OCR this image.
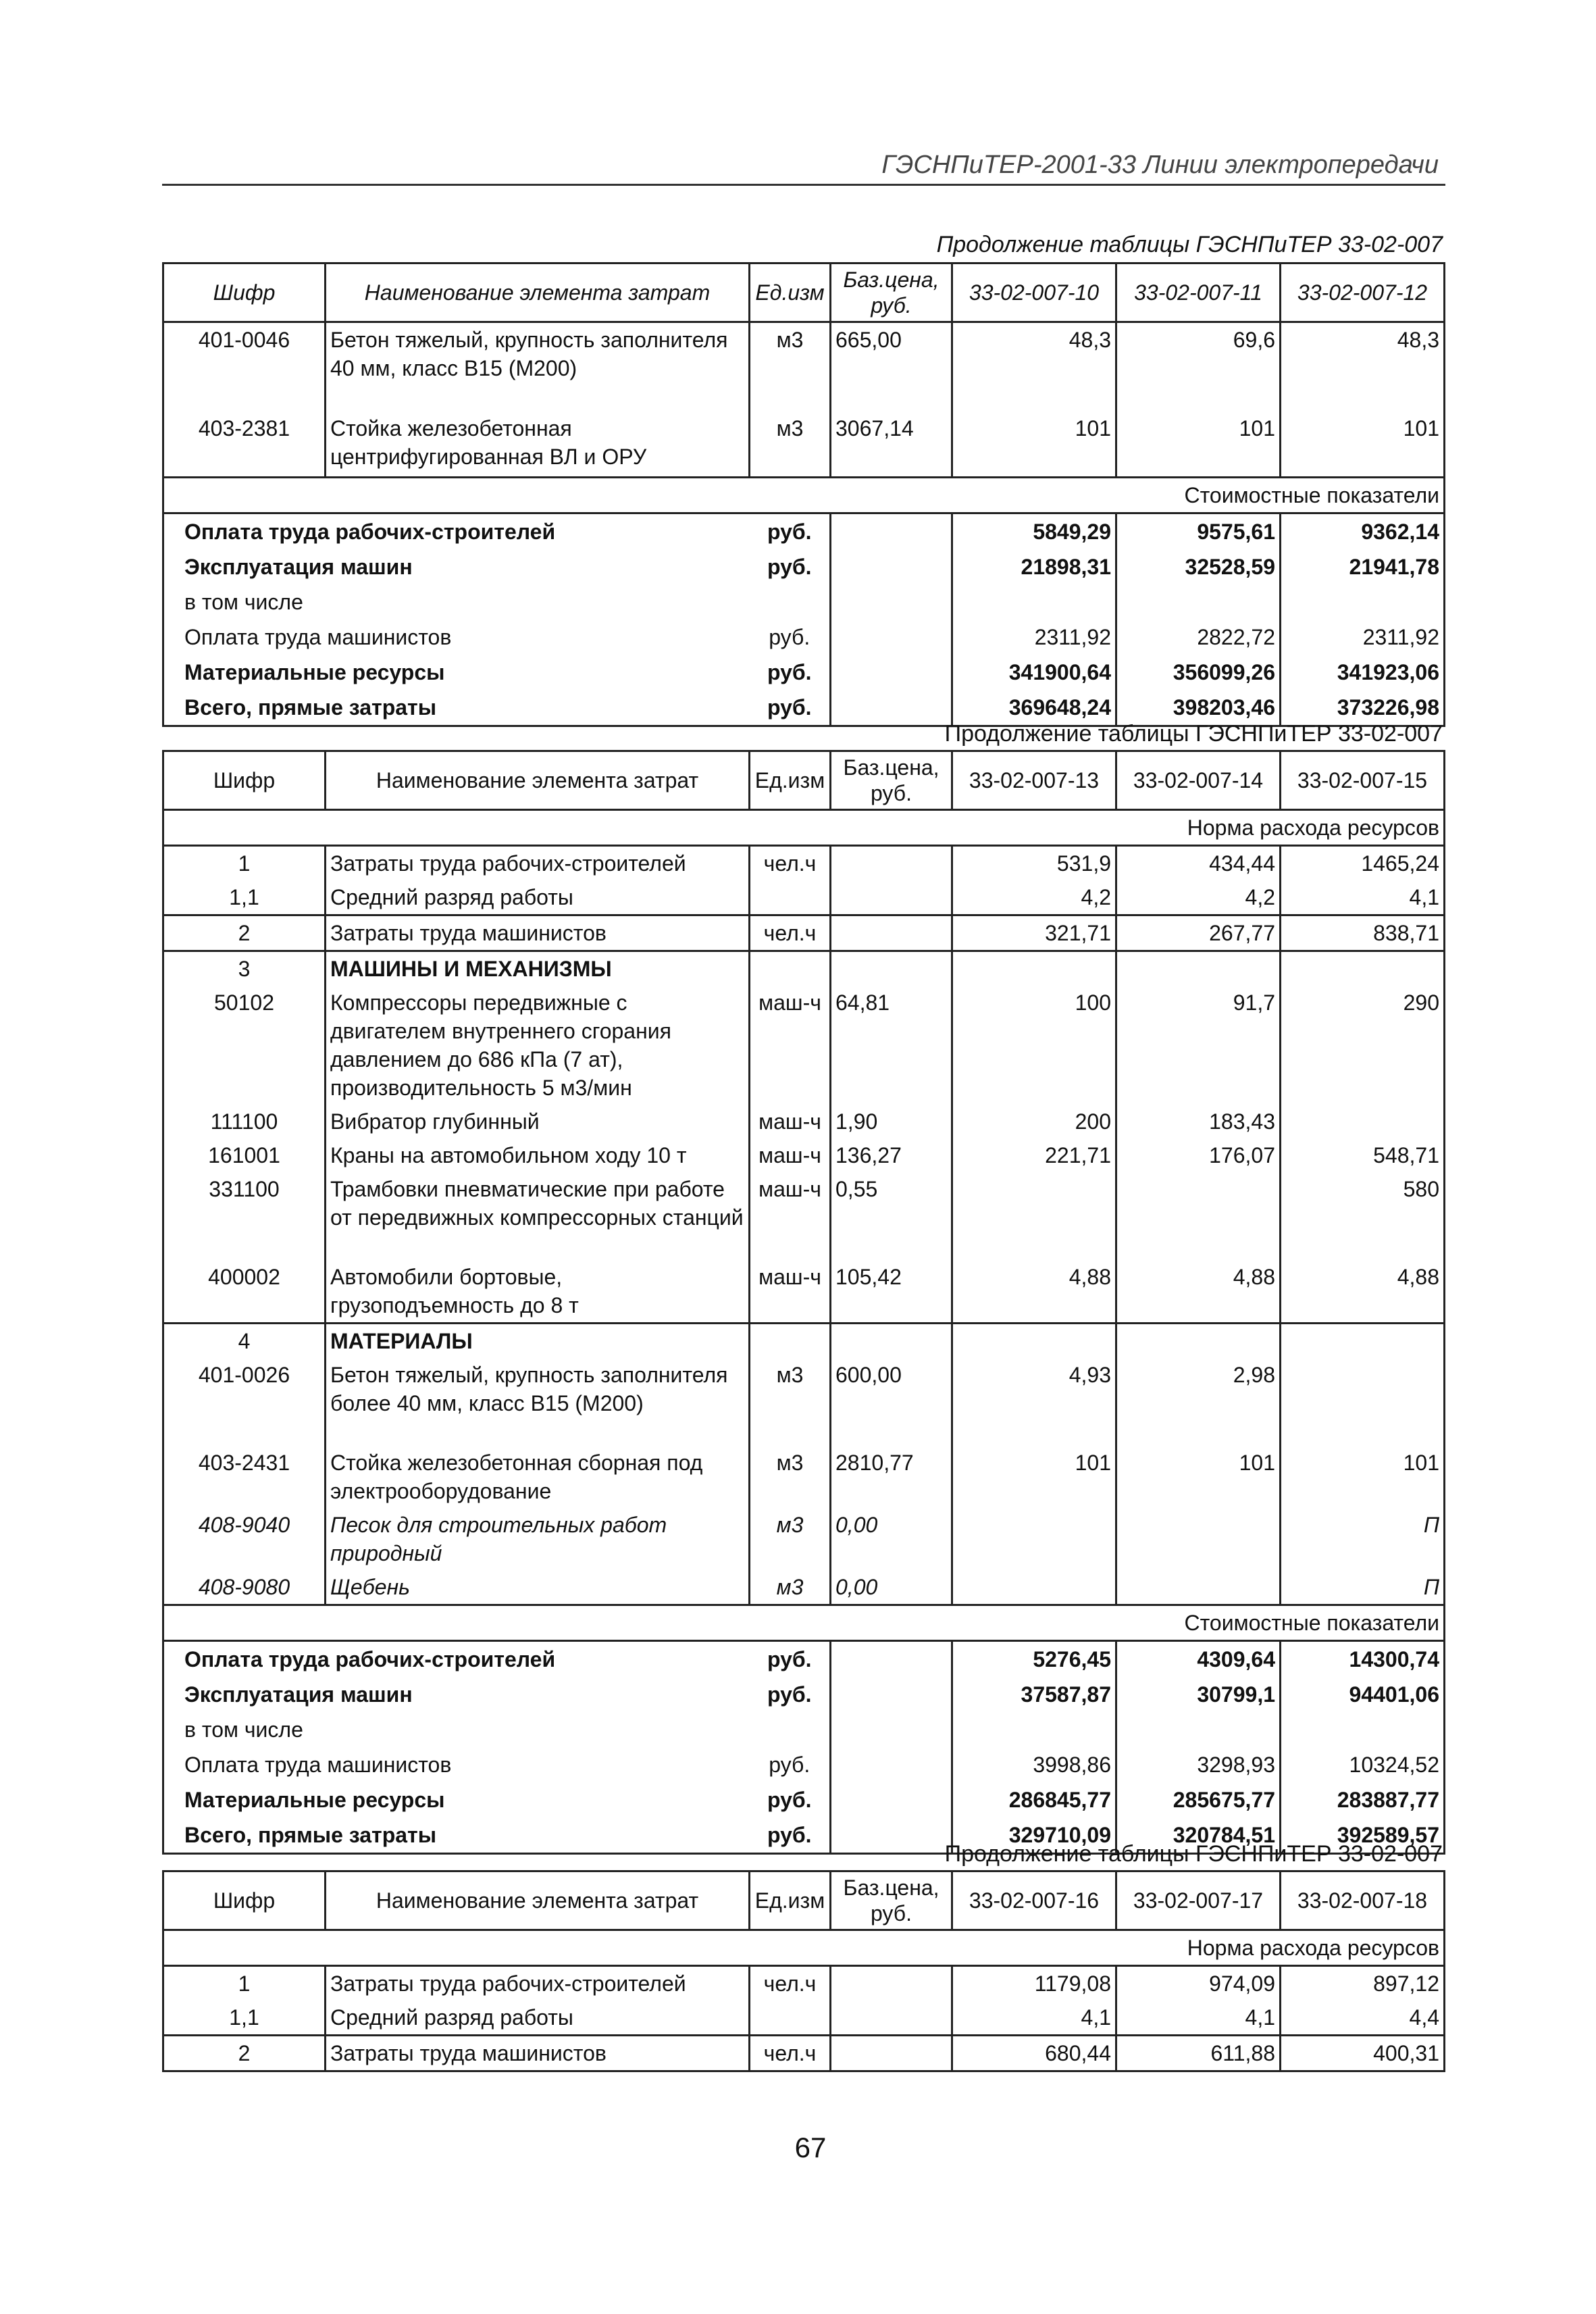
ГЭСНПиТЕР-2001-33 Линии электропередачи
Продолжение таблицы ГЭСНПиТЕР 33-02-007
Шифр	Наименование элемента затрат	Ед.изм	Баз.цена, руб.	33-02-007-10	33-02-007-11	33-02-007-12
401-0046	Бетон тяжелый, крупность заполнителя 40 мм, класс В15 (М200)	м3	665,00	48,3	69,6	48,3
403-2381	Стойка железобетонная центрифугированная ВЛ и ОРУ	м3	3067,14	101	101	101
Стоимостные показатели						
Оплата труда рабочих-строителей		руб.		5849,29	9575,61	9362,14
Эксплуатация машин		руб.		21898,31	32528,59	21941,78
в том числе						
Оплата труда машинистов		руб.		2311,92	2822,72	2311,92
Материальные ресурсы		руб.		341900,64	356099,26	341923,06
Всего, прямые затраты		руб.		369648,24	398203,46	373226,98
Продолжение таблицы ГЭСНПиТЕР 33-02-007
Шифр	Наименование элемента затрат	Ед.изм	Баз.цена, руб.	33-02-007-13	33-02-007-14	33-02-007-15
Норма расхода ресурсов						
1	Затраты труда рабочих-строителей	чел.ч		531,9	434,44	1465,24
1,1	Средний разряд работы			4,2	4,2	4,1
2	Затраты труда машинистов	чел.ч		321,71	267,77	838,71
3	МАШИНЫ И МЕХАНИЗМЫ					
50102	Компрессоры передвижные с двигателем внутреннего сгорания давлением до 686 кПа (7 ат), производительность 5 м3/мин	маш-ч	64,81	100	91,7	290
111100	Вибратор глубинный	маш-ч	1,90	200	183,43	
161001	Краны на автомобильном ходу 10 т	маш-ч	136,27	221,71	176,07	548,71
331100	Трамбовки пневматические при работе от передвижных компрессорных станций	маш-ч	0,55			580
400002	Автомобили бортовые, грузоподъемность до 8 т	маш-ч	105,42	4,88	4,88	4,88
4	МАТЕРИАЛЫ					
401-0026	Бетон тяжелый, крупность заполнителя более 40 мм, класс В15 (М200)	м3	600,00	4,93	2,98	
403-2431	Стойка железобетонная сборная под электрооборудование	м3	2810,77	101	101	101
408-9040	Песок для строительных работ природный	м3	0,00			П
408-9080	Щебень	м3	0,00			П
Стоимостные показатели						
Оплата труда рабочих-строителей		руб.		5276,45	4309,64	14300,74
Эксплуатация машин		руб.		37587,87	30799,1	94401,06
в том числе						
Оплата труда машинистов		руб.		3998,86	3298,93	10324,52
Материальные ресурсы		руб.		286845,77	285675,77	283887,77
Всего, прямые затраты		руб.		329710,09	320784,51	392589,57
Продолжение таблицы ГЭСНПиТЕР 33-02-007
Шифр	Наименование элемента затрат	Ед.изм	Баз.цена, руб.	33-02-007-16	33-02-007-17	33-02-007-18
Норма расхода ресурсов						
1	Затраты труда рабочих-строителей	чел.ч		1179,08	974,09	897,12
1,1	Средний разряд работы			4,1	4,1	4,4
2	Затраты труда машинистов	чел.ч		680,44	611,88	400,31
67
